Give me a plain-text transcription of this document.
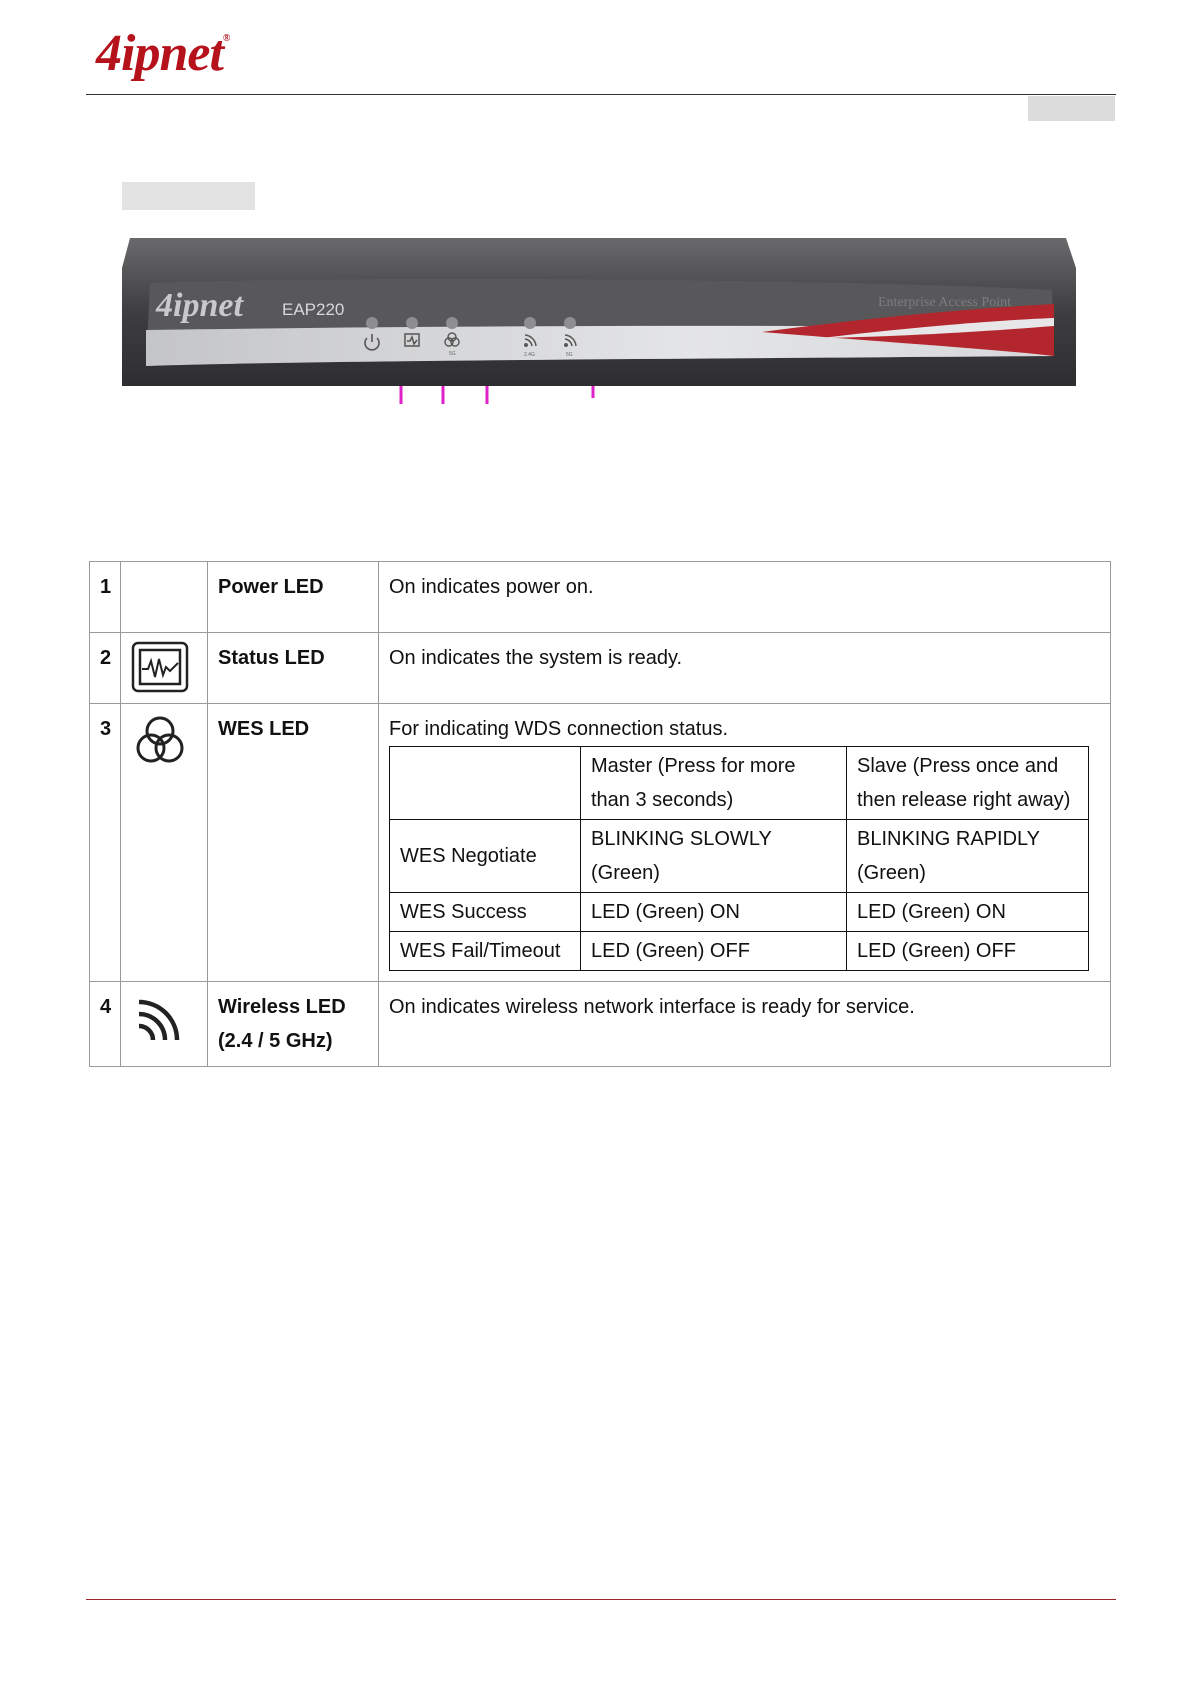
4ipnet®
4ipnet EAP220	Enterprise Access Point
5G	2.4G	5G
1		Power LED	On indicates power on.
2		Status LED	On indicates the system is ready.
3		WES LED	For indicating WDS connection status.
	Master (Press for more than 3 seconds)	Slave (Press once and then release right away)
WES Negotiate	BLINKING SLOWLY (Green)	BLINKING RAPIDLY (Green)
WES Success	LED (Green) ON	LED (Green) ON
WES Fail/Timeout	LED (Green) OFF	LED (Green) OFF

4		Wireless LED
(2.4 / 5 GHz)
	On indicates wireless network interface is ready for service.
